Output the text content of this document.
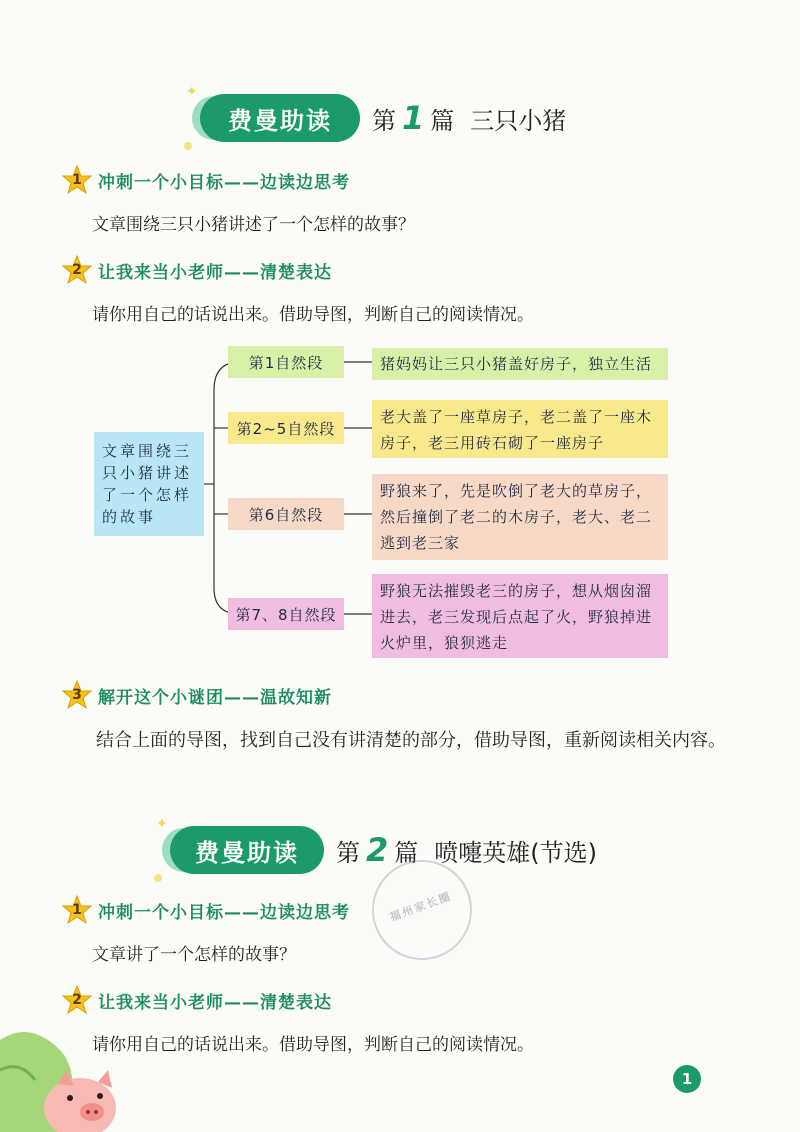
✦
费曼助读 第 1 篇 三只小猪
1 冲刺一个小目标——边读边思考
文章围绕三只小猪讲述了一个怎样的故事？
2 让我来当小老师——清楚表达
请你用自己的话说出来。借助导图，判断自己的阅读情况。
文章围绕三只小猪讲述了一个怎样的故事
第1自然段	猪妈妈让三只小猪盖好房子，独立生活
第2~5自然段
老大盖了一座草房子，老二盖了一座木房子，老三用砖石砌了一座房子
第6自然段
野狼来了，先是吹倒了老大的草房子，然后撞倒了老二的木房子，老大、老二逃到老三家
第7、8自然段
野狼无法摧毁老三的房子，想从烟囱溜进去，老三发现后点起了火，野狼掉进火炉里，狼狈逃走
3 解开这个小谜团——温故知新
结合上面的导图，找到自己没有讲清楚的部分，借助导图，重新阅读相关内容。
✦
费曼助读 第 2 篇 喷嚏英雄(节选)
1 冲刺一个小目标——边读边思考
文章讲了一个怎样的故事？
2 让我来当小老师——清楚表达
请你用自己的话说出来。借助导图，判断自己的阅读情况。
福州家长圈
1
